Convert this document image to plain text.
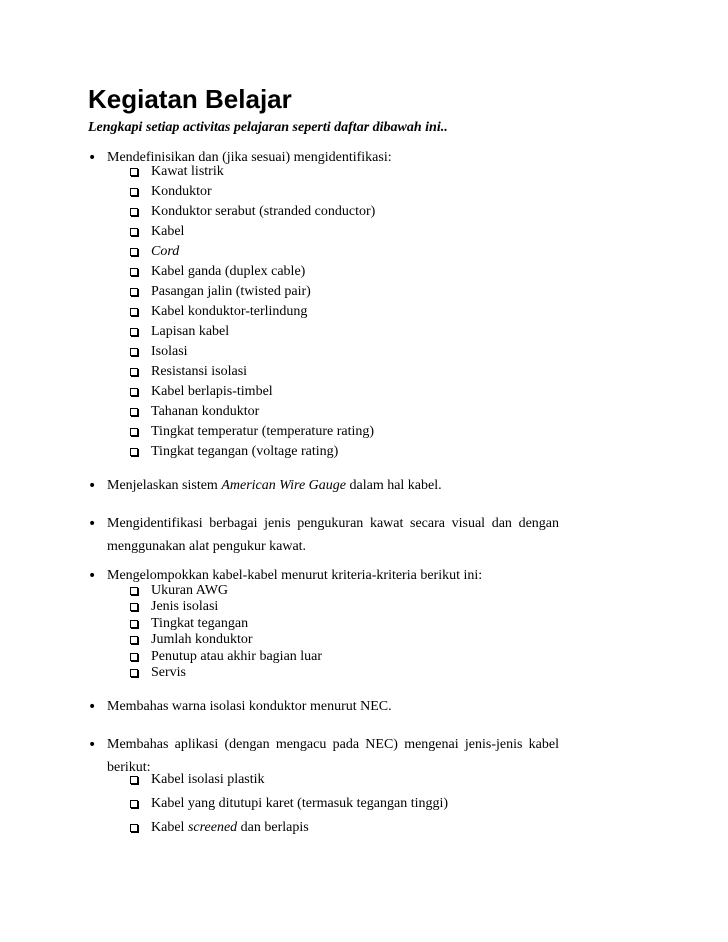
Kegiatan Belajar
Lengkapi setiap activitas pelajaran seperti daftar dibawah ini..
• Mendefinisikan dan (jika sesuai) mengidentifikasi:
Kawat listrik
Konduktor
Konduktor serabut (stranded conductor)
Kabel
Cord
Kabel ganda (duplex cable)
Pasangan jalin (twisted pair)
Kabel konduktor-terlindung
Lapisan kabel
Isolasi
Resistansi isolasi
Kabel berlapis-timbel
Tahanan konduktor
Tingkat temperatur (temperature rating)
Tingkat tegangan (voltage rating)
• Menjelaskan sistem American Wire Gauge dalam hal kabel.
• Mengidentifikasi berbagai jenis pengukuran kawat secara visual dan dengan menggunakan alat pengukur kawat.
• Mengelompokkan kabel-kabel menurut kriteria-kriteria berikut ini:
Ukuran AWG
Jenis isolasi
Tingkat tegangan
Jumlah konduktor
Penutup atau akhir bagian luar
Servis
• Membahas warna isolasi konduktor menurut NEC.
• Membahas aplikasi (dengan mengacu pada NEC) mengenai jenis-jenis kabel berikut:
Kabel isolasi plastik
Kabel yang ditutupi karet (termasuk tegangan tinggi)
Kabel screened dan berlapis
